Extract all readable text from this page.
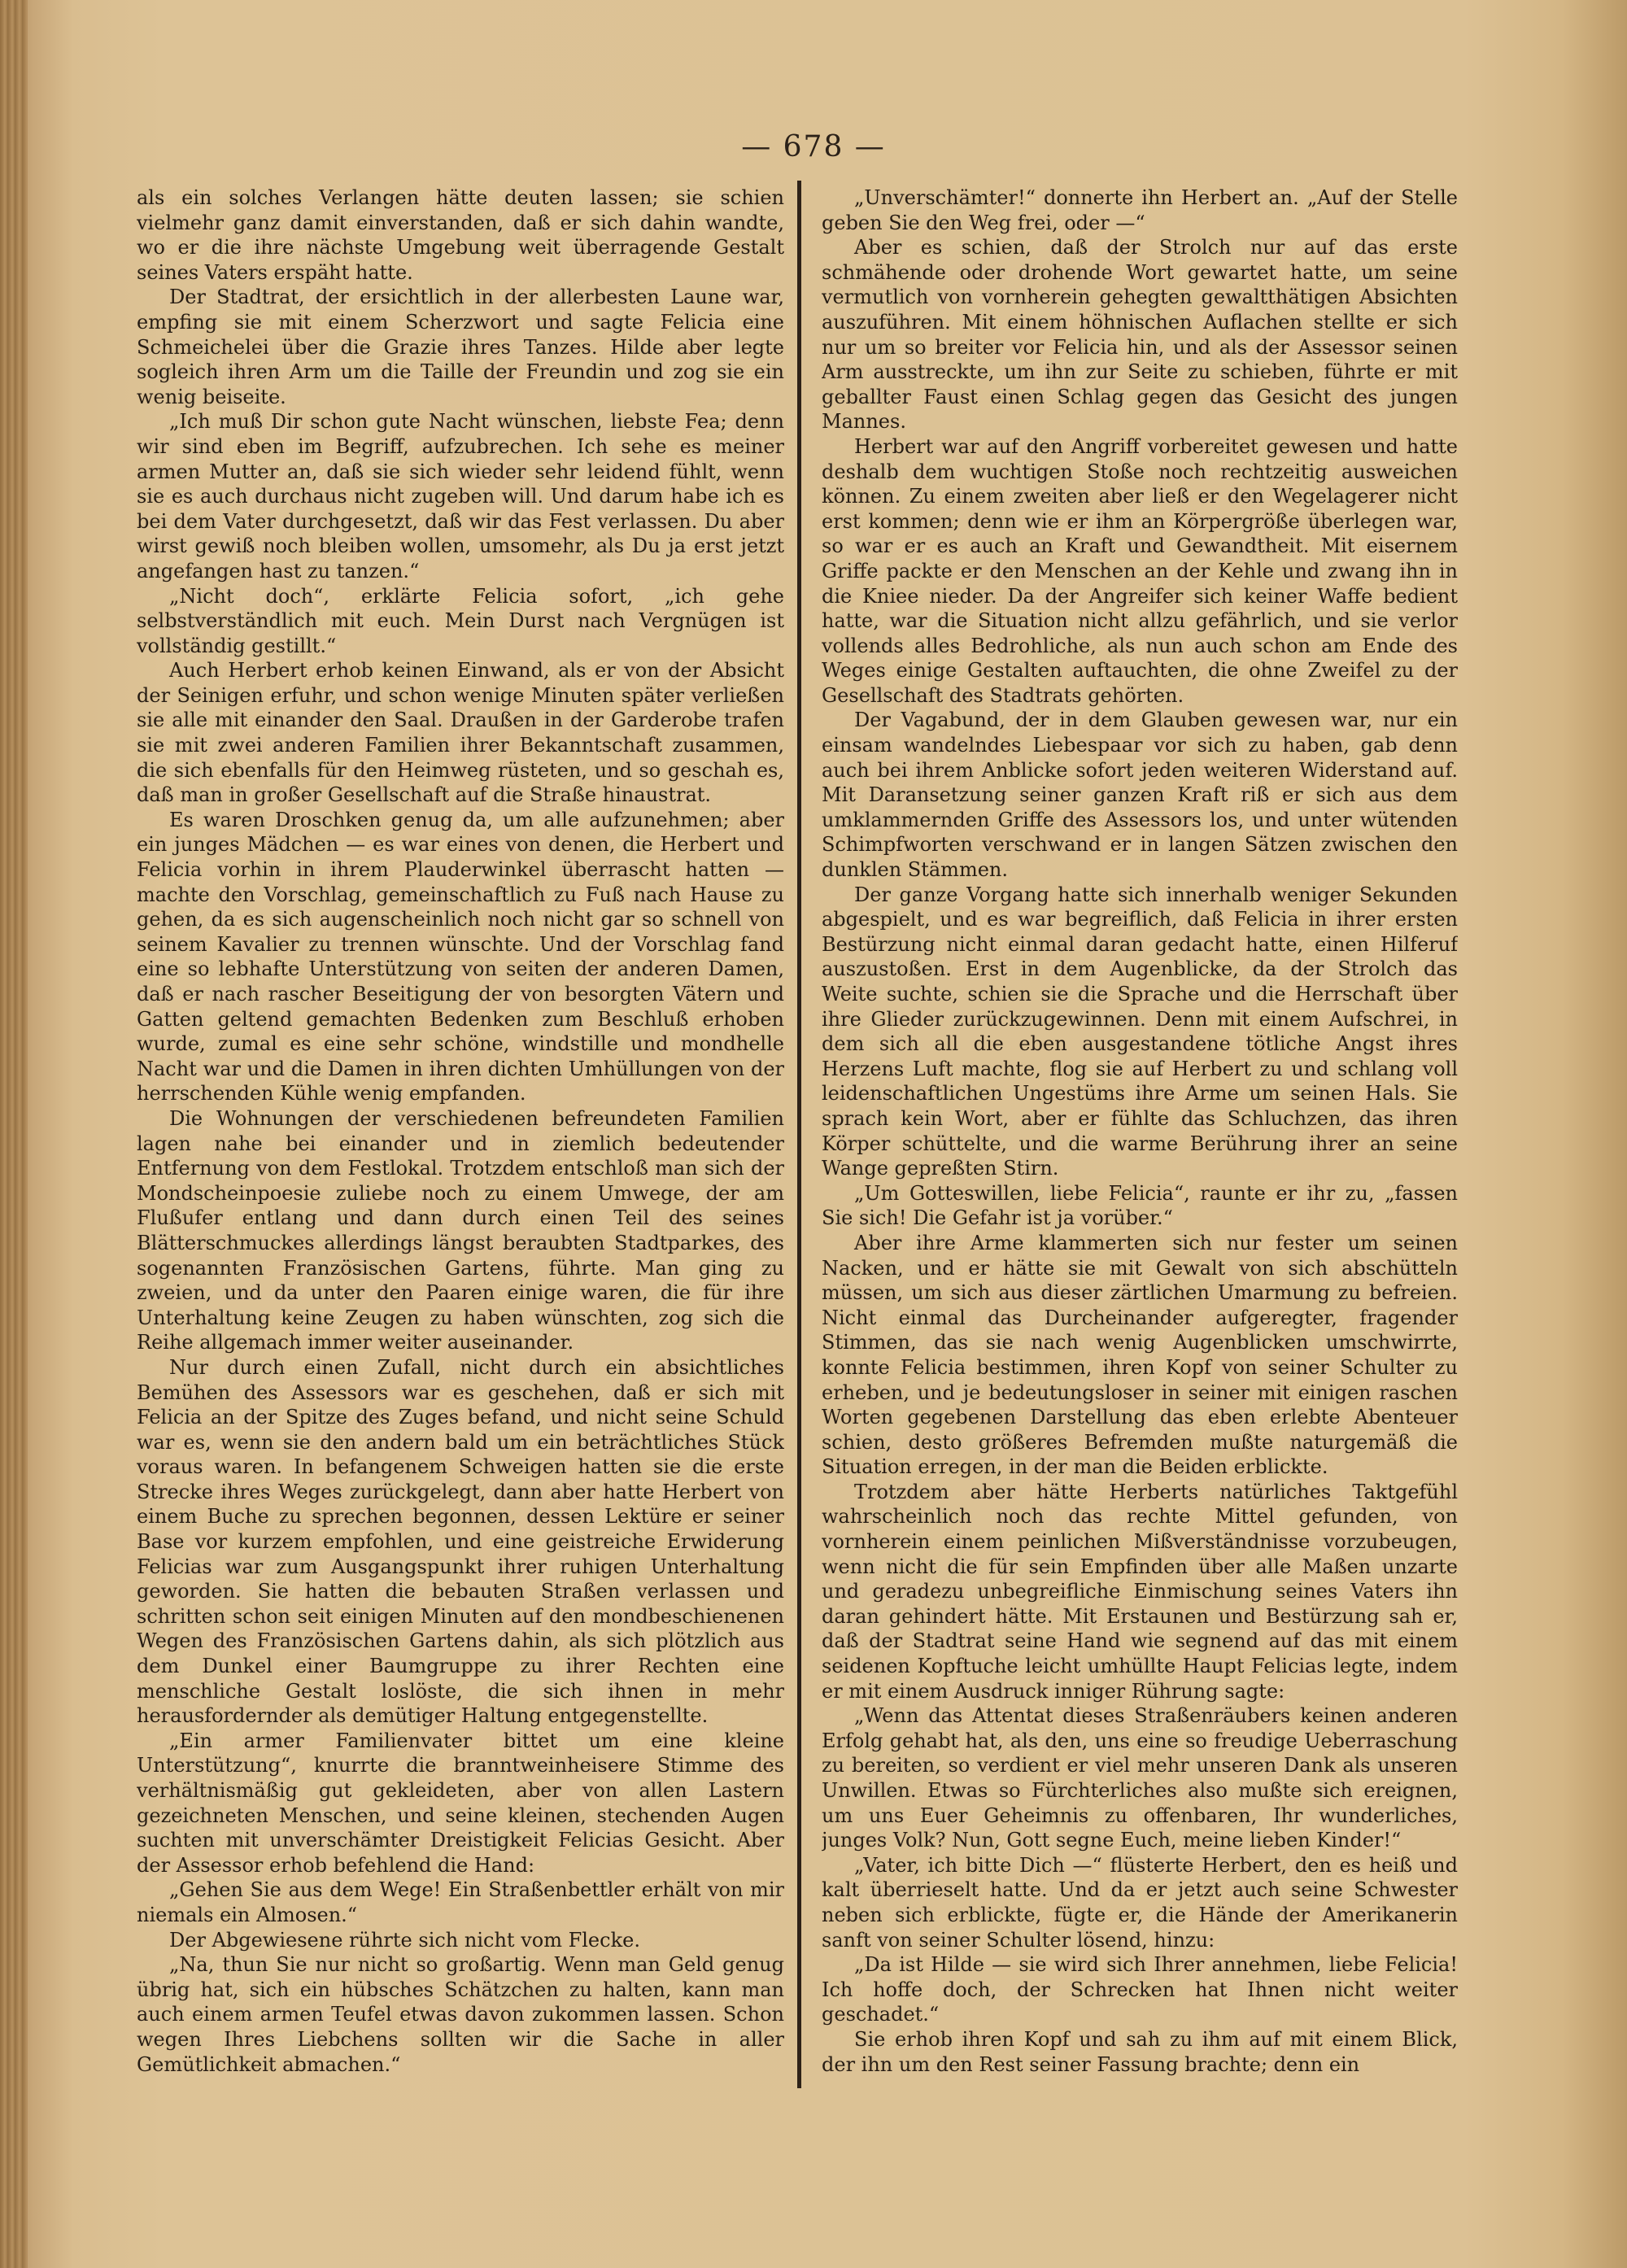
— 678 —

als ein solches Verlangen hätte deuten lassen; sie schien vielmehr ganz damit einverstanden, daß er sich dahin wandte, wo er die ihre nächste Umgebung weit überragende Gestalt seines Vaters erspäht hatte.

Der Stadtrat, der ersichtlich in der allerbesten Laune war, empfing sie mit einem Scherzwort und sagte Felicia eine Schmeichelei über die Grazie ihres Tanzes. Hilde aber legte sogleich ihren Arm um die Taille der Freundin und zog sie ein wenig beiseite.

„Ich muß Dir schon gute Nacht wünschen, liebste Fea; denn wir sind eben im Begriff, aufzubrechen. Ich sehe es meiner armen Mutter an, daß sie sich wieder sehr leidend fühlt, wenn sie es auch durchaus nicht zugeben will. Und darum habe ich es bei dem Vater durchgesetzt, daß wir das Fest verlassen. Du aber wirst gewiß noch bleiben wollen, umsomehr, als Du ja erst jetzt angefangen hast zu tanzen.“

„Nicht doch“, erklärte Felicia sofort, „ich gehe selbstverständlich mit euch. Mein Durst nach Vergnügen ist vollständig gestillt.“

Auch Herbert erhob keinen Einwand, als er von der Absicht der Seinigen erfuhr, und schon wenige Minuten später verließen sie alle mit einander den Saal. Draußen in der Garderobe trafen sie mit zwei anderen Familien ihrer Bekanntschaft zusammen, die sich ebenfalls für den Heimweg rüsteten, und so geschah es, daß man in großer Gesellschaft auf die Straße hinaustrat.

Es waren Droschken genug da, um alle aufzunehmen; aber ein junges Mädchen — es war eines von denen, die Herbert und Felicia vorhin in ihrem Plauderwinkel überrascht hatten — machte den Vorschlag, gemeinschaftlich zu Fuß nach Hause zu gehen, da es sich augenscheinlich noch nicht gar so schnell von seinem Kavalier zu trennen wünschte. Und der Vorschlag fand eine so lebhafte Unterstützung von seiten der anderen Damen, daß er nach rascher Beseitigung der von besorgten Vätern und Gatten geltend gemachten Bedenken zum Beschluß erhoben wurde, zumal es eine sehr schöne, windstille und mondhelle Nacht war und die Damen in ihren dichten Umhüllungen von der herrschenden Kühle wenig empfanden.

Die Wohnungen der verschiedenen befreundeten Familien lagen nahe bei einander und in ziemlich bedeutender Entfernung von dem Festlokal. Trotzdem entschloß man sich der Mondscheinpoesie zuliebe noch zu einem Umwege, der am Flußufer entlang und dann durch einen Teil des seines Blätterschmuckes allerdings längst beraubten Stadtparkes, des sogenannten Französischen Gartens, führte. Man ging zu zweien, und da unter den Paaren einige waren, die für ihre Unterhaltung keine Zeugen zu haben wünschten, zog sich die Reihe allgemach immer weiter auseinander.

Nur durch einen Zufall, nicht durch ein absichtliches Bemühen des Assessors war es geschehen, daß er sich mit Felicia an der Spitze des Zuges befand, und nicht seine Schuld war es, wenn sie den andern bald um ein beträchtliches Stück voraus waren. In befangenem Schweigen hatten sie die erste Strecke ihres Weges zurückgelegt, dann aber hatte Herbert von einem Buche zu sprechen begonnen, dessen Lektüre er seiner Base vor kurzem empfohlen, und eine geistreiche Erwiderung Felicias war zum Ausgangspunkt ihrer ruhigen Unterhaltung geworden. Sie hatten die bebauten Straßen verlassen und schritten schon seit einigen Minuten auf den mondbeschienenen Wegen des Französischen Gartens dahin, als sich plötzlich aus dem Dunkel einer Baumgruppe zu ihrer Rechten eine menschliche Gestalt loslöste, die sich ihnen in mehr herausfordernder als demütiger Haltung entgegenstellte.

„Ein armer Familienvater bittet um eine kleine Unterstützung“, knurrte die branntweinheisere Stimme des verhältnismäßig gut gekleideten, aber von allen Lastern gezeichneten Menschen, und seine kleinen, stechenden Augen suchten mit unverschämter Dreistigkeit Felicias Gesicht. Aber der Assessor erhob befehlend die Hand:

„Gehen Sie aus dem Wege! Ein Straßenbettler erhält von mir niemals ein Almosen.“

Der Abgewiesene rührte sich nicht vom Flecke.

„Na, thun Sie nur nicht so großartig. Wenn man Geld genug übrig hat, sich ein hübsches Schätzchen zu halten, kann man auch einem armen Teufel etwas davon zukommen lassen. Schon wegen Ihres Liebchens sollten wir die Sache in aller Gemütlichkeit abmachen.“

„Unverschämter!“ donnerte ihn Herbert an. „Auf der Stelle geben Sie den Weg frei, oder —“

Aber es schien, daß der Strolch nur auf das erste schmähende oder drohende Wort gewartet hatte, um seine vermutlich von vornherein gehegten gewaltthätigen Absichten auszuführen. Mit einem höhnischen Auflachen stellte er sich nur um so breiter vor Felicia hin, und als der Assessor seinen Arm ausstreckte, um ihn zur Seite zu schieben, führte er mit geballter Faust einen Schlag gegen das Gesicht des jungen Mannes.

Herbert war auf den Angriff vorbereitet gewesen und hatte deshalb dem wuchtigen Stoße noch rechtzeitig ausweichen können. Zu einem zweiten aber ließ er den Wegelagerer nicht erst kommen; denn wie er ihm an Körpergröße überlegen war, so war er es auch an Kraft und Gewandtheit. Mit eisernem Griffe packte er den Menschen an der Kehle und zwang ihn in die Kniee nieder. Da der Angreifer sich keiner Waffe bedient hatte, war die Situation nicht allzu gefährlich, und sie verlor vollends alles Bedrohliche, als nun auch schon am Ende des Weges einige Gestalten auftauchten, die ohne Zweifel zu der Gesellschaft des Stadtrats gehörten.

Der Vagabund, der in dem Glauben gewesen war, nur ein einsam wandelndes Liebespaar vor sich zu haben, gab denn auch bei ihrem Anblicke sofort jeden weiteren Widerstand auf. Mit Daransetzung seiner ganzen Kraft riß er sich aus dem umklammernden Griffe des Assessors los, und unter wütenden Schimpfworten verschwand er in langen Sätzen zwischen den dunklen Stämmen.

Der ganze Vorgang hatte sich innerhalb weniger Sekunden abgespielt, und es war begreiflich, daß Felicia in ihrer ersten Bestürzung nicht einmal daran gedacht hatte, einen Hilferuf auszustoßen. Erst in dem Augenblicke, da der Strolch das Weite suchte, schien sie die Sprache und die Herrschaft über ihre Glieder zurückzugewinnen. Denn mit einem Aufschrei, in dem sich all die eben ausgestandene tötliche Angst ihres Herzens Luft machte, flog sie auf Herbert zu und schlang voll leidenschaftlichen Ungestüms ihre Arme um seinen Hals. Sie sprach kein Wort, aber er fühlte das Schluchzen, das ihren Körper schüttelte, und die warme Berührung ihrer an seine Wange gepreßten Stirn.

„Um Gotteswillen, liebe Felicia“, raunte er ihr zu, „fassen Sie sich! Die Gefahr ist ja vorüber.“

Aber ihre Arme klammerten sich nur fester um seinen Nacken, und er hätte sie mit Gewalt von sich abschütteln müssen, um sich aus dieser zärtlichen Umarmung zu befreien. Nicht einmal das Durcheinander aufgeregter, fragender Stimmen, das sie nach wenig Augenblicken umschwirrte, konnte Felicia bestimmen, ihren Kopf von seiner Schulter zu erheben, und je bedeutungsloser in seiner mit einigen raschen Worten gegebenen Darstellung das eben erlebte Abenteuer schien, desto größeres Befremden mußte naturgemäß die Situation erregen, in der man die Beiden erblickte.

Trotzdem aber hätte Herberts natürliches Taktgefühl wahrscheinlich noch das rechte Mittel gefunden, von vornherein einem peinlichen Mißverständnisse vorzubeugen, wenn nicht die für sein Empfinden über alle Maßen unzarte und geradezu unbegreifliche Einmischung seines Vaters ihn daran gehindert hätte. Mit Erstaunen und Bestürzung sah er, daß der Stadtrat seine Hand wie segnend auf das mit einem seidenen Kopftuche leicht umhüllte Haupt Felicias legte, indem er mit einem Ausdruck inniger Rührung sagte:

„Wenn das Attentat dieses Straßenräubers keinen anderen Erfolg gehabt hat, als den, uns eine so freudige Ueberraschung zu bereiten, so verdient er viel mehr unseren Dank als unseren Unwillen. Etwas so Fürchterliches also mußte sich ereignen, um uns Euer Geheimnis zu offenbaren, Ihr wunderliches, junges Volk? Nun, Gott segne Euch, meine lieben Kinder!“

„Vater, ich bitte Dich —“ flüsterte Herbert, den es heiß und kalt überrieselt hatte. Und da er jetzt auch seine Schwester neben sich erblickte, fügte er, die Hände der Amerikanerin sanft von seiner Schulter lösend, hinzu:

„Da ist Hilde — sie wird sich Ihrer annehmen, liebe Felicia! Ich hoffe doch, der Schrecken hat Ihnen nicht weiter geschadet.“

Sie erhob ihren Kopf und sah zu ihm auf mit einem Blick, der ihn um den Rest seiner Fassung brachte; denn ein
